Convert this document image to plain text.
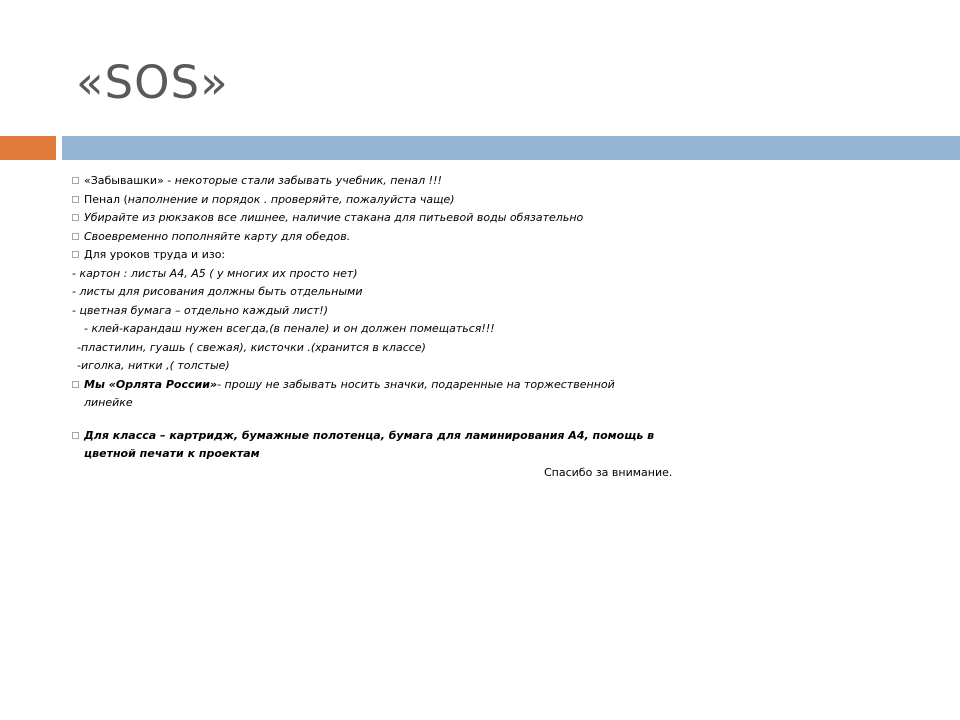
«SOS»
«Забывашки» - некоторые стали забывать учебник, пенал !!!
Пенал (наполнение и порядок . проверяйте, пожалуйста чаще)
Убирайте из рюкзаков все лишнее, наличие стакана для питьевой воды обязательно
Своевременно пополняйте карту для обедов.
Для уроков труда и изо:
- картон : листы А4, А5 ( у многих их просто нет)
- листы для рисования должны быть отдельными
- цветная бумага – отдельно каждый лист!)
- клей-карандаш нужен всегда,(в пенале) и он должен помещаться!!!
-пластилин, гуашь ( свежая), кисточки .(хранится в классе)
-иголка, нитки ,( толстые)
Мы «Орлята России»- прошу не забывать носить значки, подаренные на торжественной линейке
Для класса – картридж, бумажные полотенца, бумага для ламинирования А4, помощь в цветной печати к проектам
Спасибо за внимание.
